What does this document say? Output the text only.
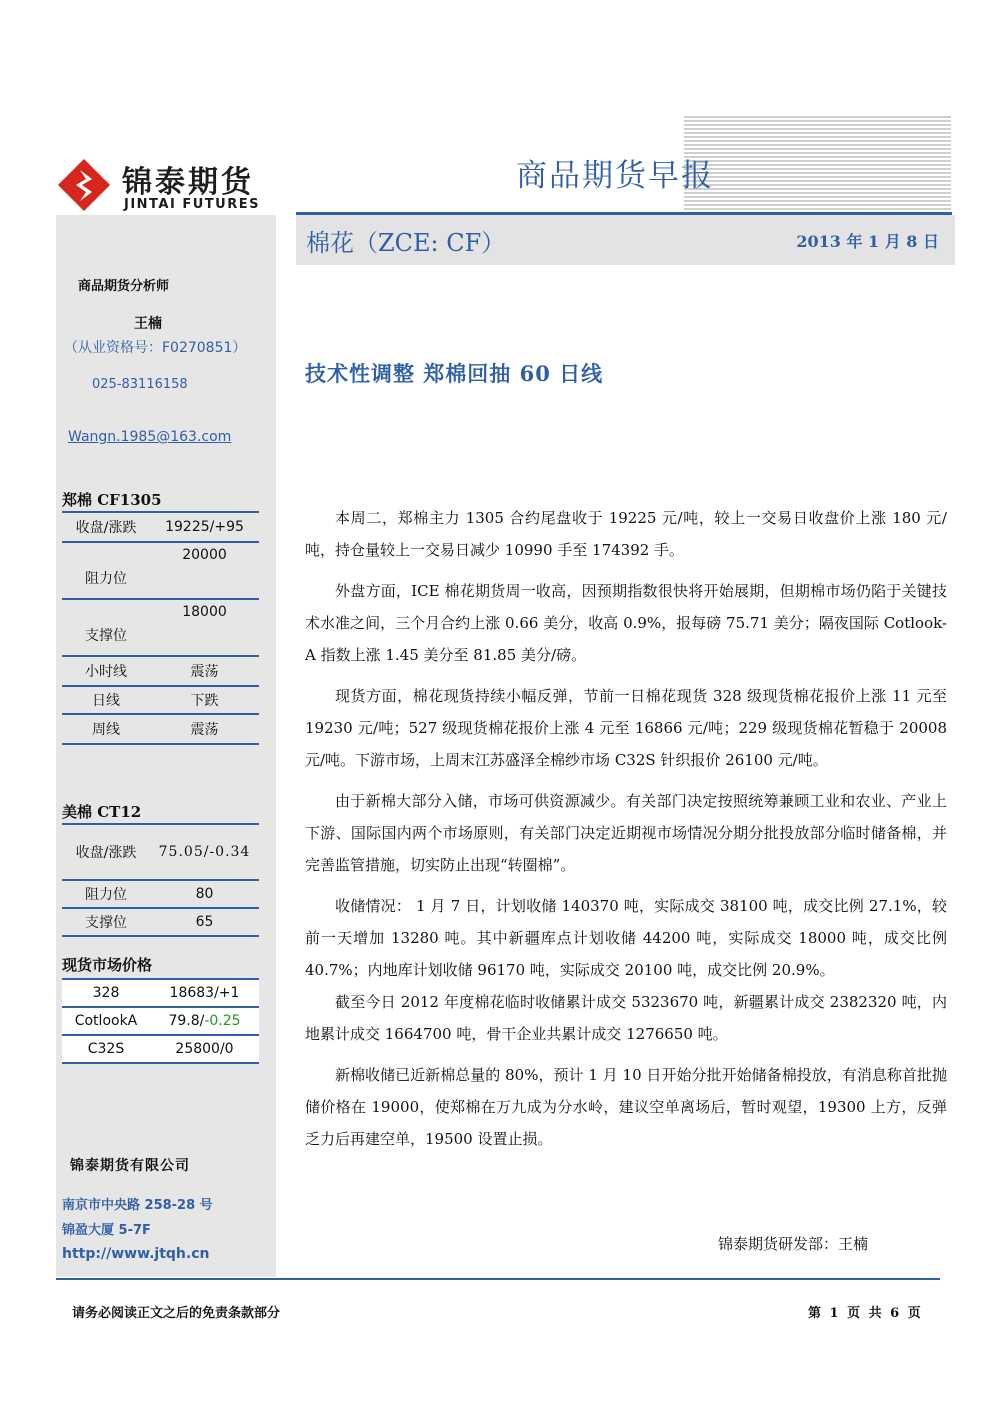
锦泰期货
JINTAI FUTURES
商品期货早报
棉花（ZCE: CF）	2013 年 1 月 8 日
商品期货分析师
王楠
（从业资格号：F0270851）
025-83116158
Wangn.1985@163.com
郑棉 CF1305
收盘/涨跌	19225/+95
阻力位	20000
支撑位	18000
小时线	震荡
日线	下跌
周线	震荡
美棉 CT12
收盘/涨跌	75.05/-0.34
阻力位	80
支撑位	65
现货市场价格
328	18683/+1
CotlookA	79.8/-0.25
C32S	25800/0
锦泰期货有限公司
南京市中央路 258-28 号
锦盈大厦 5-7F
http://www.jtqh.cn
技术性调整 郑棉回抽 60 日线

本周二，郑棉主力 1305 合约尾盘收于 19225 元/吨，较上一交易日收盘价上涨 180 元/吨，持仓量较上一交易日减少 10990 手至 174392 手。

外盘方面，ICE 棉花期货周一收高，因预期指数很快将开始展期，但期棉市场仍陷于关键技术水准之间，三个月合约上涨 0.66 美分，收高 0.9%，报每磅 75.71 美分；隔夜国际 Cotlook-A 指数上涨 1.45 美分至 81.85 美分/磅。

现货方面，棉花现货持续小幅反弹，节前一日棉花现货 328 级现货棉花报价上涨 11 元至 19230 元/吨；527 级现货棉花报价上涨 4 元至 16866 元/吨；229 级现货棉花暂稳于 20008 元/吨。下游市场，上周末江苏盛泽全棉纱市场 C32S 针织报价 26100 元/吨。

由于新棉大部分入储，市场可供资源减少。有关部门决定按照统筹兼顾工业和农业、产业上下游、国际国内两个市场原则，有关部门决定近期视市场情况分期分批投放部分临时储备棉，并完善监管措施，切实防止出现“转圈棉”。

收储情况： 1 月 7 日，计划收储 140370 吨，实际成交 38100 吨，成交比例 27.1%，较前一天增加 13280 吨。其中新疆库点计划收储 44200 吨，实际成交 18000 吨，成交比例 40.7%；内地库计划收储 96170 吨，实际成交 20100 吨，成交比例 20.9%。

截至今日 2012 年度棉花临时收储累计成交 5323670 吨，新疆累计成交 2382320 吨，内地累计成交 1664700 吨，骨干企业共累计成交 1276650 吨。

新棉收储已近新棉总量的 80%，预计 1 月 10 日开始分批开始储备棉投放，有消息称首批抛储价格在 19000，使郑棉在万九成为分水岭，建议空单离场后，暂时观望，19300 上方，反弹乏力后再建空单，19500 设置止损。

锦泰期货研发部：王楠
请务必阅读正文之后的免责条款部分	第 1 页 共 6 页
